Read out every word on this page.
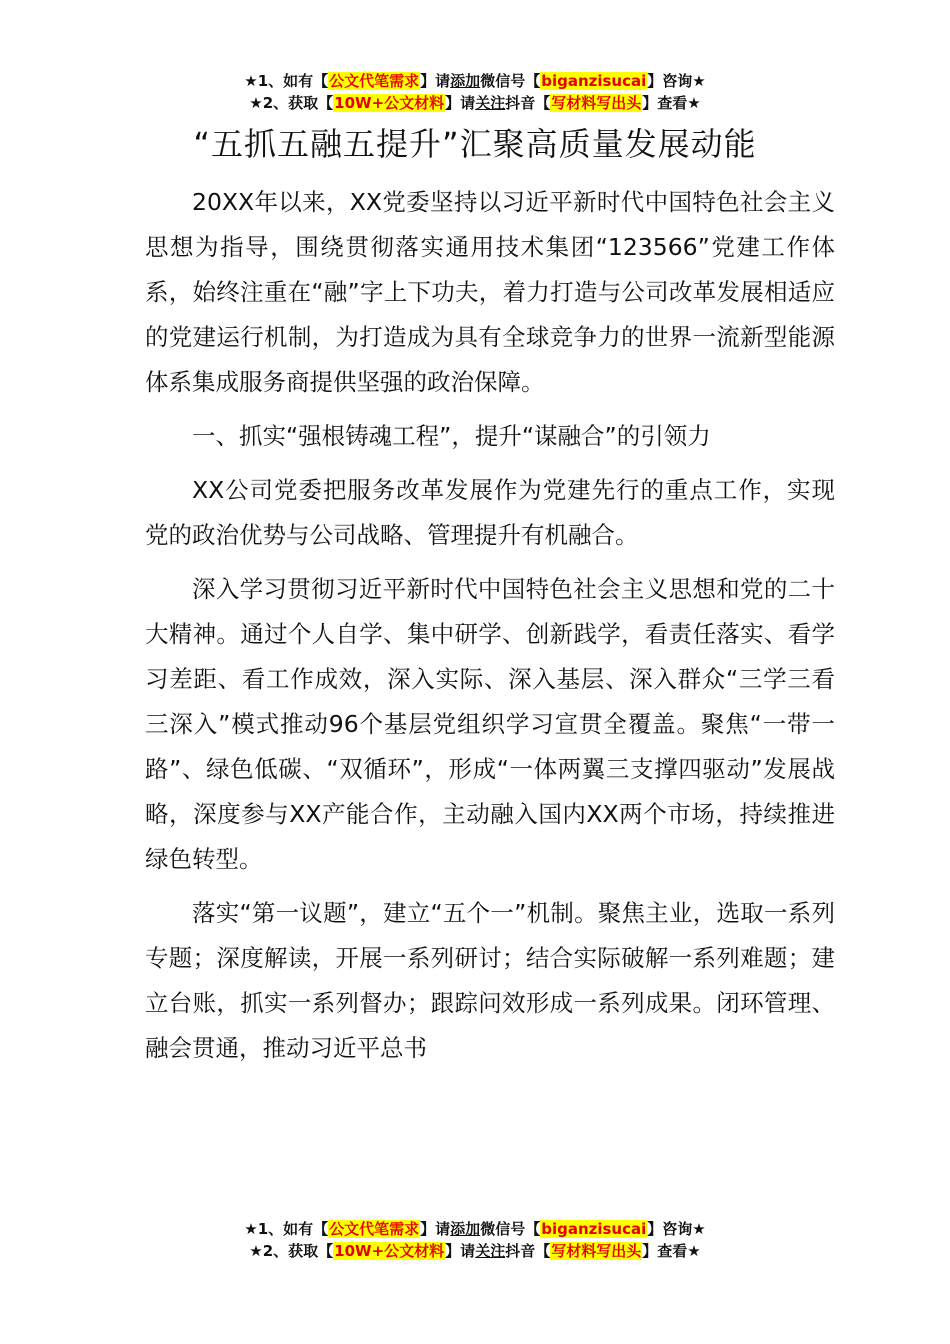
★1、如有【公文代笔需求】请添加微信号【biganzisucai】咨询★
★2、获取【10W+公文材料】请关注抖音【写材料写出头】查看★
“五抓五融五提升”汇聚高质量发展动能

20XX年以来，XX党委坚持以习近平新时代中国特色社会主义思想为指导，围绕贯彻落实通用技术集团“123566”党建工作体系，始终注重在“融”字上下功夫，着力打造与公司改革发展相适应的党建运行机制，为打造成为具有全球竞争力的世界一流新型能源体系集成服务商提供坚强的政治保障。

一、抓实“强根铸魂工程”，提升“谋融合”的引领力

XX公司党委把服务改革发展作为党建先行的重点工作，实现党的政治优势与公司战略、管理提升有机融合。

深入学习贯彻习近平新时代中国特色社会主义思想和党的二十大精神。通过个人自学、集中研学、创新践学，看责任落实、看学习差距、看工作成效，深入实际、深入基层、深入群众“三学三看三深入”模式推动96个基层党组织学习宣贯全覆盖。聚焦“一带一路”、绿色低碳、“双循环”，形成“一体两翼三支撑四驱动”发展战略，深度参与XX产能合作，主动融入国内XX两个市场，持续推进绿色转型。

落实“第一议题”，建立“五个一”机制。聚焦主业，选取一系列专题；深度解读，开展一系列研讨；结合实际破解一系列难题；建立台账，抓实一系列督办；跟踪问效形成一系列成果。闭环管理、融会贯通，推动习近平总书

★1、如有【公文代笔需求】请添加微信号【biganzisucai】咨询★
★2、获取【10W+公文材料】请关注抖音【写材料写出头】查看★
